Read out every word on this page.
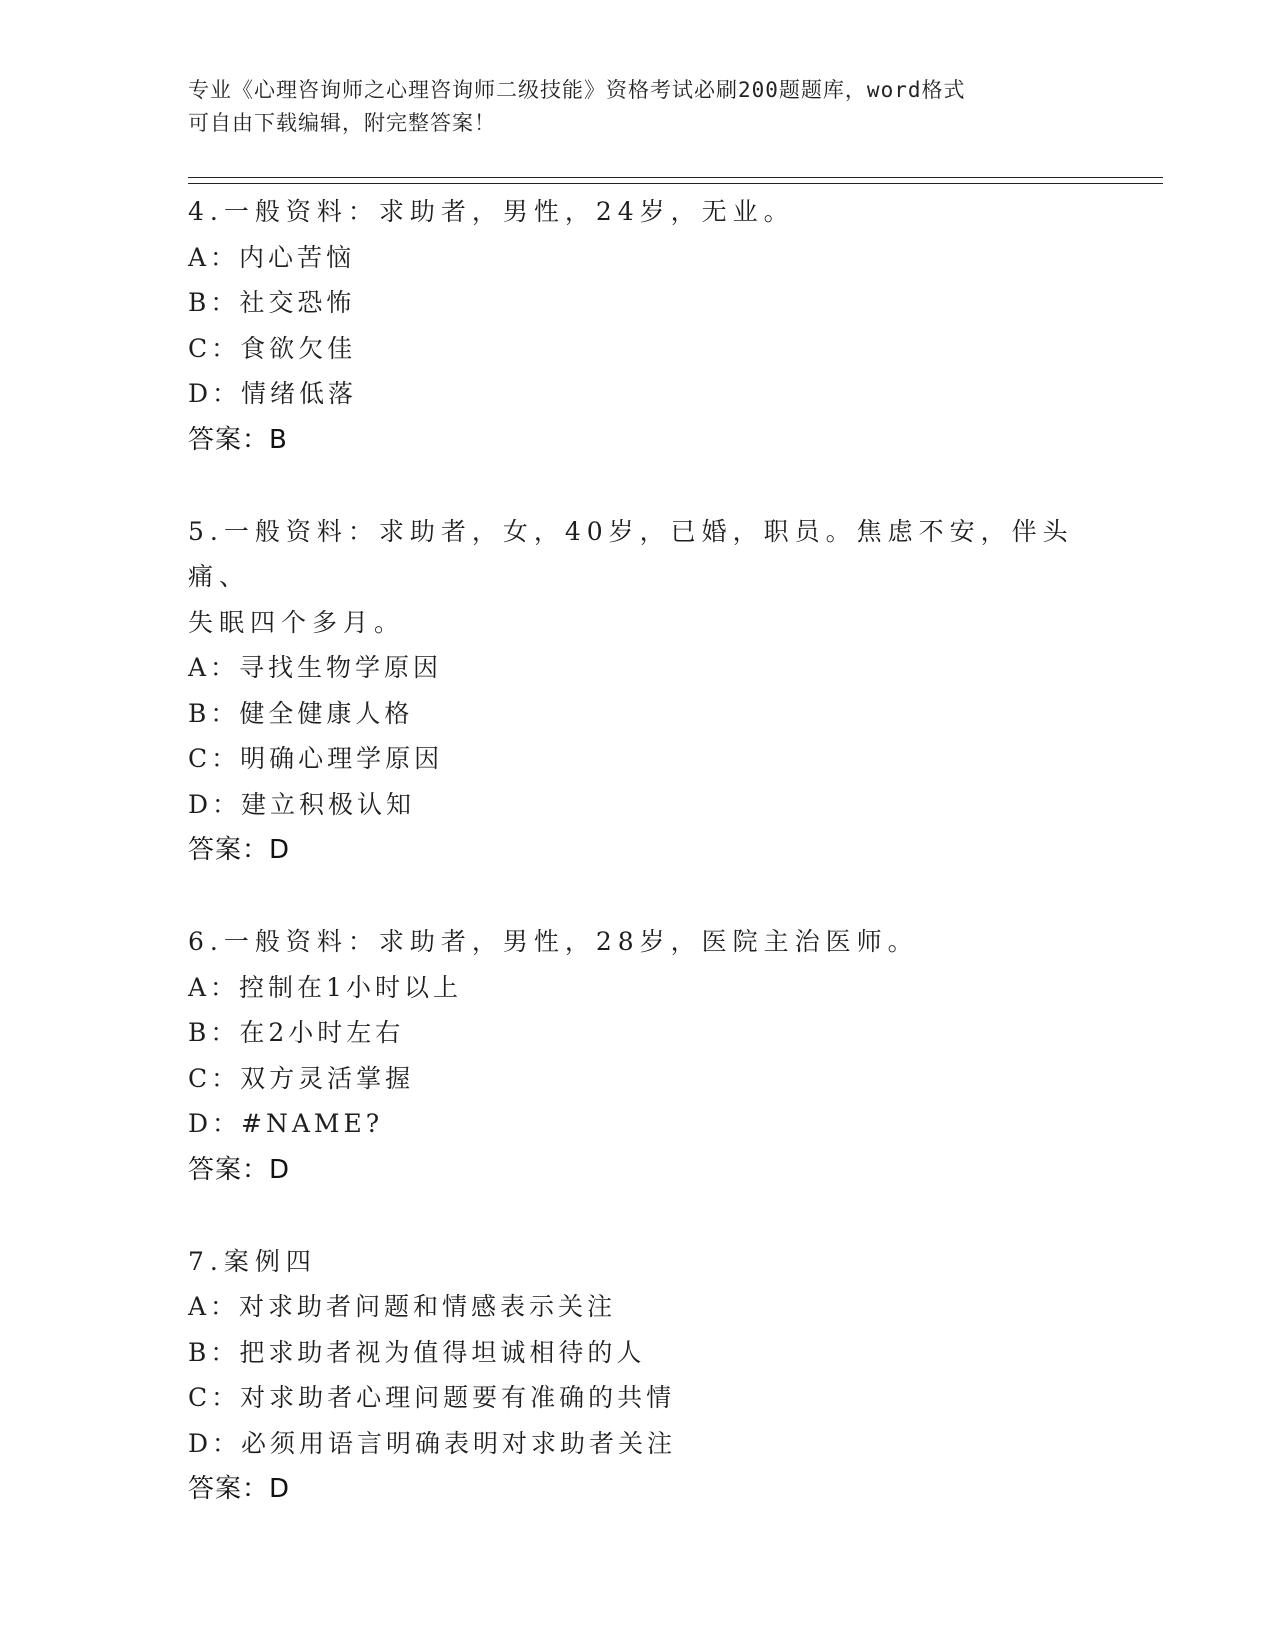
专业《心理咨询师之心理咨询师二级技能》资格考试必刷200题题库，word格式
可自由下载编辑，附完整答案！
4.一般资料：求助者，男性，24岁，无业。
A：内心苦恼
B：社交恐怖
C：食欲欠佳
D：情绪低落
答案：B
5.一般资料：求助者，女，40岁，已婚，职员。焦虑不安，伴头痛、
失眠四个多月。
A：寻找生物学原因
B：健全健康人格
C：明确心理学原因
D：建立积极认知
答案：D
6.一般资料：求助者，男性，28岁，医院主治医师。
A：控制在1小时以上
B：在2小时左右
C：双方灵活掌握
D：#NAME?
答案：D
7.案例四
A：对求助者问题和情感表示关注
B：把求助者视为值得坦诚相待的人
C：对求助者心理问题要有准确的共情
D：必须用语言明确表明对求助者关注
答案：D
